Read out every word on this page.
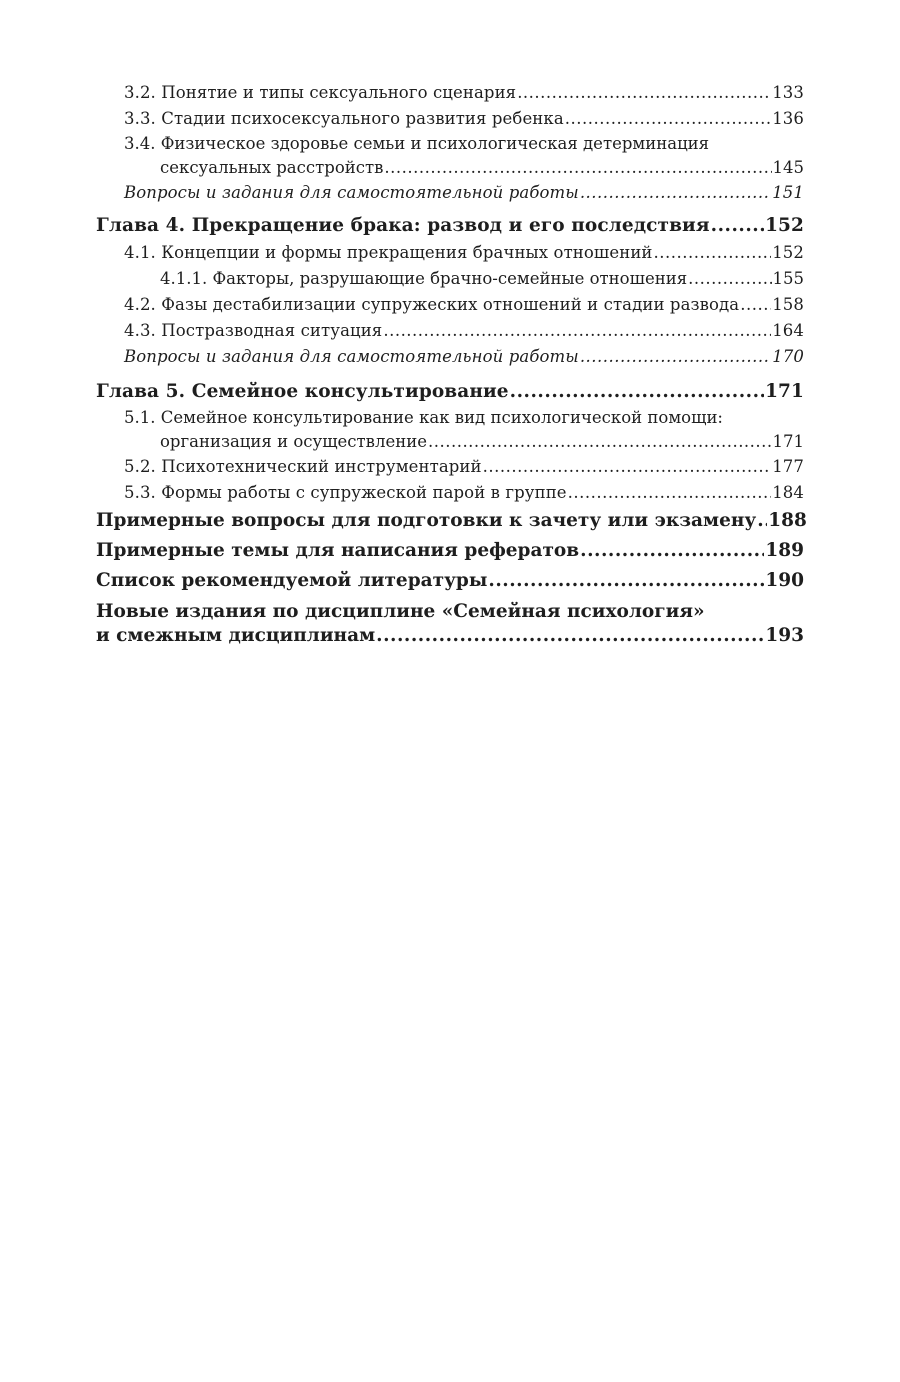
3.2. Понятие и типы сексуального сценария .....	133
3.3. Стадии психосексуального развития ребенка .....	136
3.4. Физическое здоровье семьи и психологическая детерминация
сексуальных расстройств .....	145
Вопросы и задания для самостоятельной работы .....	151
Глава 4. Прекращение брака: развод и его последствия .....	152
4.1. Концепции и формы прекращения брачных отношений .....	152
4.1.1. Факторы, разрушающие брачно-семейные отношения .....	155
4.2. Фазы дестабилизации супружеских отношений и стадии развода ..... 158
4.3. Постразводная ситуация .....	164
Вопросы и задания для самостоятельной работы .....	170
Глава 5. Семейное консультирование .....	171
5.1. Семейное консультирование как вид психологической помощи:
организация и осуществление .....	171
5.2. Психотехнический инструментарий .....	177
5.3. Формы работы с супружеской парой в группе .....	184
Примерные вопросы для подготовки к зачету или экзамену ..... 188
Примерные темы для написания рефератов .....	189
Список рекомендуемой литературы .....	190
Новые издания по дисциплине «Семейная психология»
и смежным дисциплинам .....	193
